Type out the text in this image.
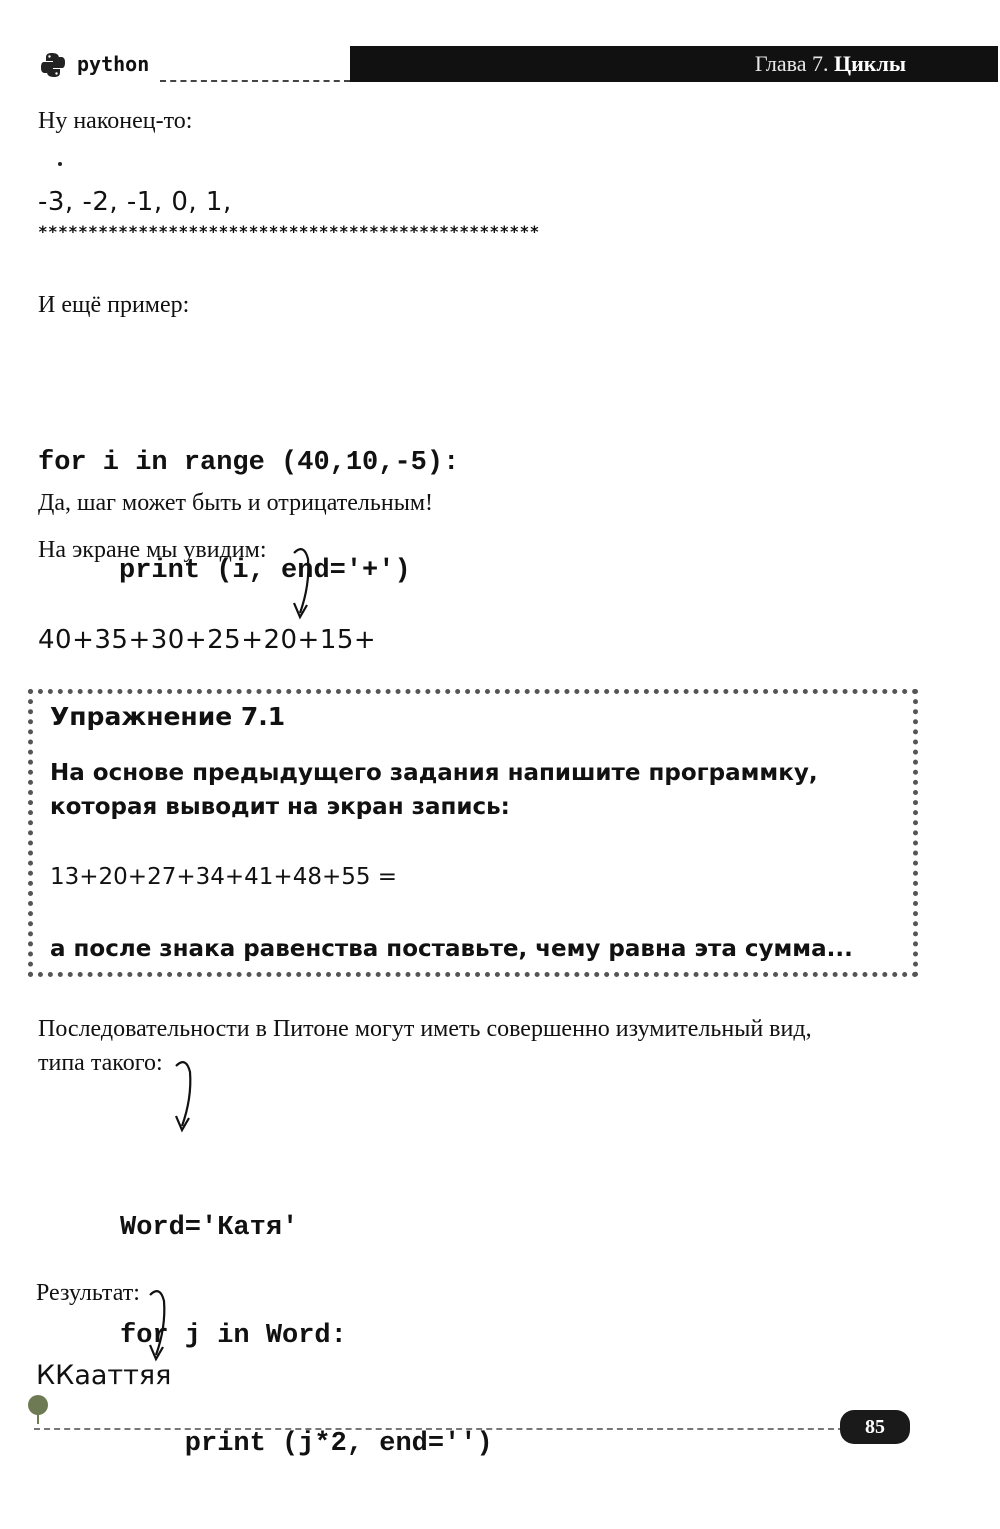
python	Глава 7. Циклы
Ну наконец-то:
-3, -2, -1, 0, 1,
**************************************************
И ещё пример:

for i in range (40,10,-5):

print (i, end='+')

Да, шаг может быть и отрицательным!
На экране мы увидим:
40+35+30+25+20+15+
Упражнение 7.1
На основе предыдущего задания напишите программку,
которая выводит на экран запись:
13+20+27+34+41+48+55 =
а после знака равенства поставьте, чему равна эта сумма...
Последовательности в Питоне могут иметь совершенно изумительный вид,
типа такого:

Word='Катя'

for j in Word:

print (j*2, end='')

Результат:
ККааттяя
85
